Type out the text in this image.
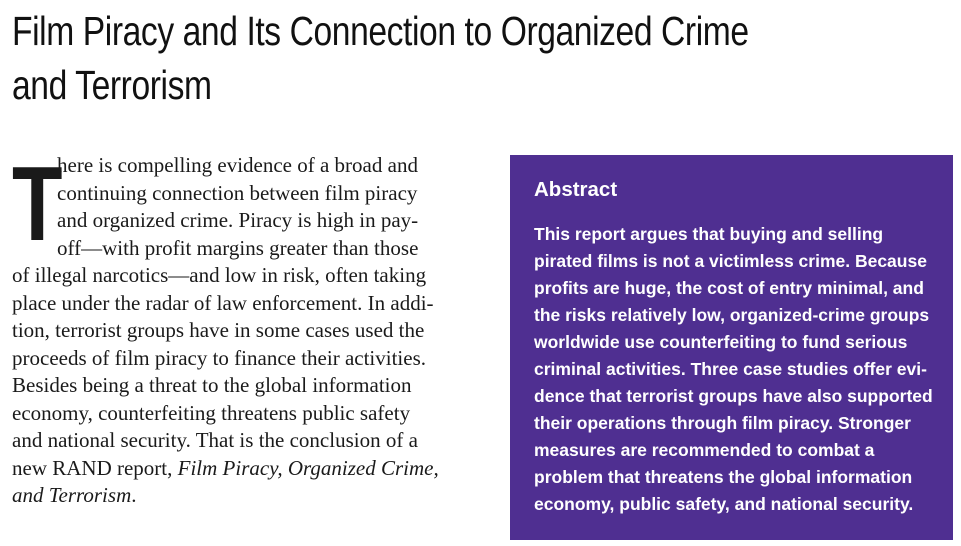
Film Piracy and Its Connection to Organized Crime
and Terrorism
T
here is compelling evidence of a broad and
continuing connection between film piracy
and organized crime. Piracy is high in pay-
off—with profit margins greater than those
of illegal narcotics—and low in risk, often taking
place under the radar of law enforcement. In addi-
tion, terrorist groups have in some cases used the
proceeds of film piracy to finance their activities.
Besides being a threat to the global information
economy, counterfeiting threatens public safety
and national security. That is the conclusion of a
new RAND report, Film Piracy, Organized Crime,
and Terrorism.
Abstract

This report argues that buying and selling
pirated films is not a victimless crime. Because
profits are huge, the cost of entry minimal, and
the risks relatively low, organized-crime groups
worldwide use counterfeiting to fund serious
criminal activities. Three case studies offer evi-
dence that terrorist groups have also supported
their operations through film piracy. Stronger
measures are recommended to combat a
problem that threatens the global information
economy, public safety, and national security.
